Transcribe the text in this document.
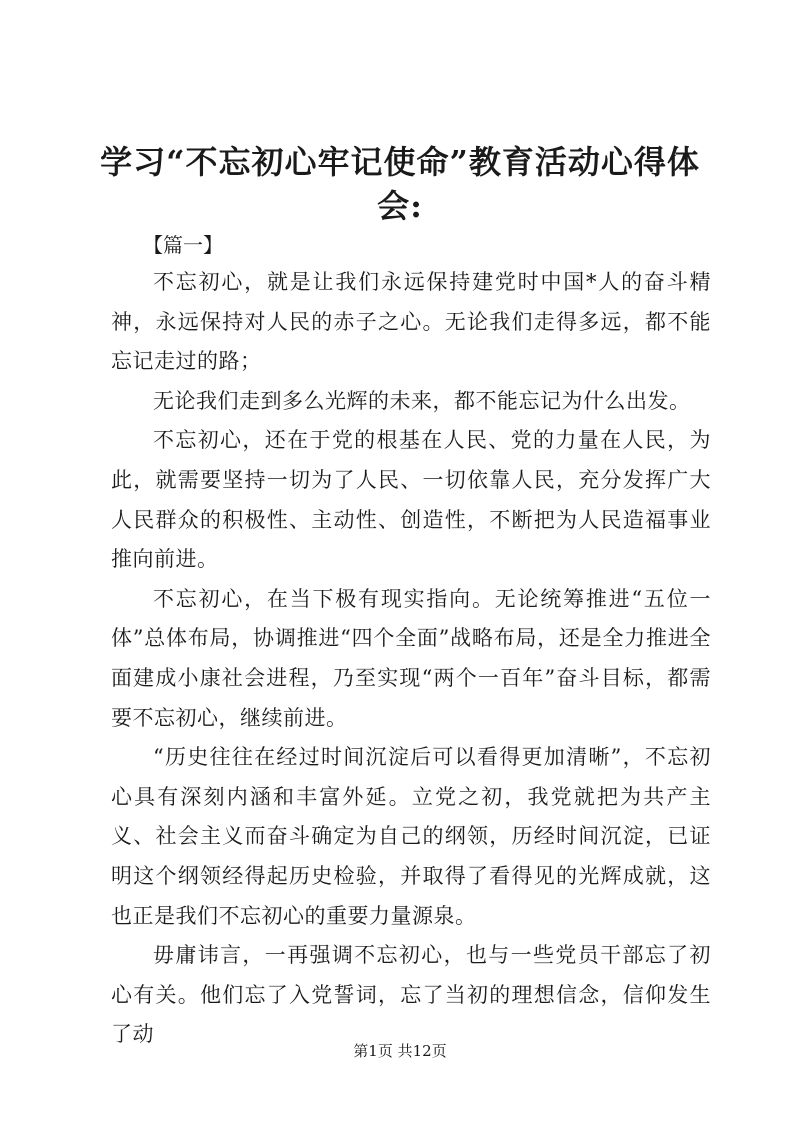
学习“不忘初心牢记使命”教育活动心得体会:
【篇一】

不忘初心，就是让我们永远保持建党时中国*人的奋斗精神，永远保持对人民的赤子之心。无论我们走得多远，都不能忘记走过的路；

无论我们走到多么光辉的未来，都不能忘记为什么出发。

不忘初心，还在于党的根基在人民、党的力量在人民，为此，就需要坚持一切为了人民、一切依靠人民，充分发挥广大人民群众的积极性、主动性、创造性，不断把为人民造福事业推向前进。

不忘初心，在当下极有现实指向。无论统筹推进“五位一体”总体布局，协调推进“四个全面”战略布局，还是全力推进全面建成小康社会进程，乃至实现“两个一百年”奋斗目标，都需要不忘初心，继续前进。

“历史往往在经过时间沉淀后可以看得更加清晰”，不忘初心具有深刻内涵和丰富外延。立党之初，我党就把为共产主义、社会主义而奋斗确定为自己的纲领，历经时间沉淀，已证明这个纲领经得起历史检验，并取得了看得见的光辉成就，这也正是我们不忘初心的重要力量源泉。

毋庸讳言，一再强调不忘初心，也与一些党员干部忘了初心有关。他们忘了入党誓词，忘了当初的理想信念，信仰发生了动

第1页 共12页
